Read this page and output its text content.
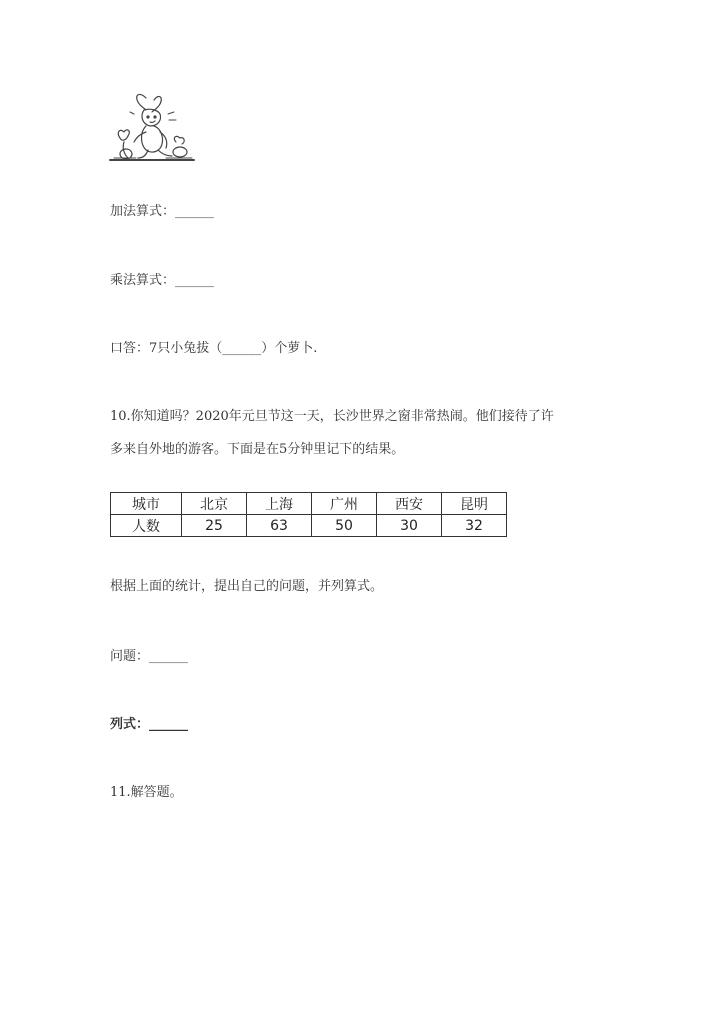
加法算式：______
乘法算式：______
口答：7只小兔拔（______）个萝卜.
10.你知道吗？2020年元旦节这一天，长沙世界之窗非常热闹。他们接待了许
多来自外地的游客。下面是在5分钟里记下的结果。
城市	北京	上海	广州	西安	昆明
人数	25	63	50	30	32
根据上面的统计，提出自己的问题，并列算式。
问题：______
列式：______
11.解答题。
